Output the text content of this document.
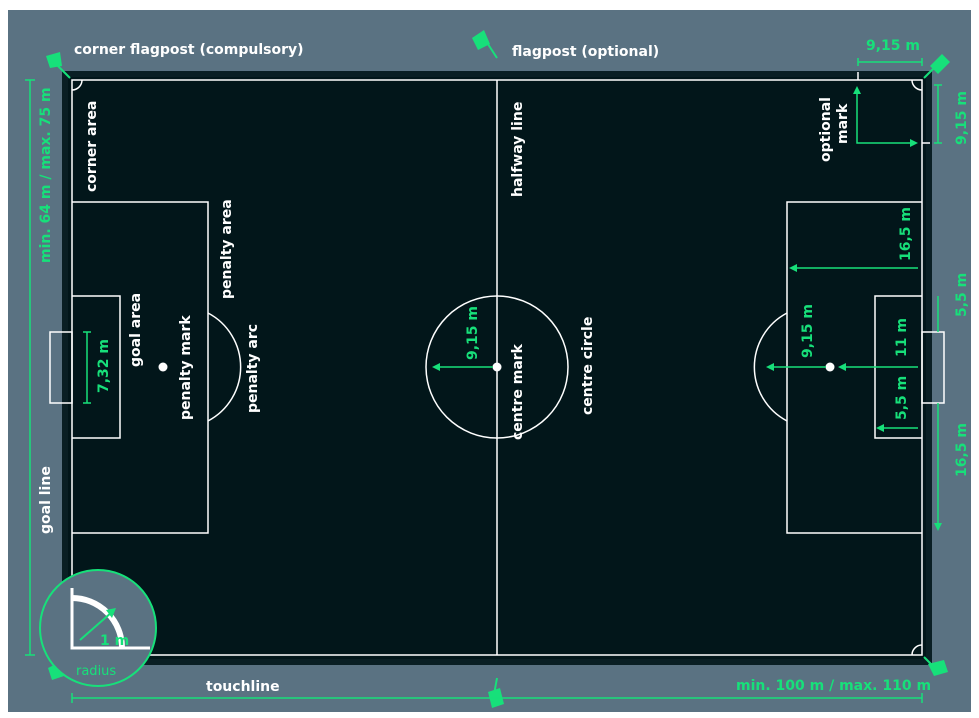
corner flagpost (compulsory)	flagpost (optional)
corner area	halfway line	optional mark
penalty area
goal area penalty mark	penalty arc	centre mark	centre circle
goal line
touchline
radius
min. 64 m / max. 75 m
min. 100 m / max. 110 m
9,15 m
9,15 m
16,5 m
5,5 m
16,5 m
5,5 m
11 m
9,15 m
9,15 m
7,32 m
1 m
